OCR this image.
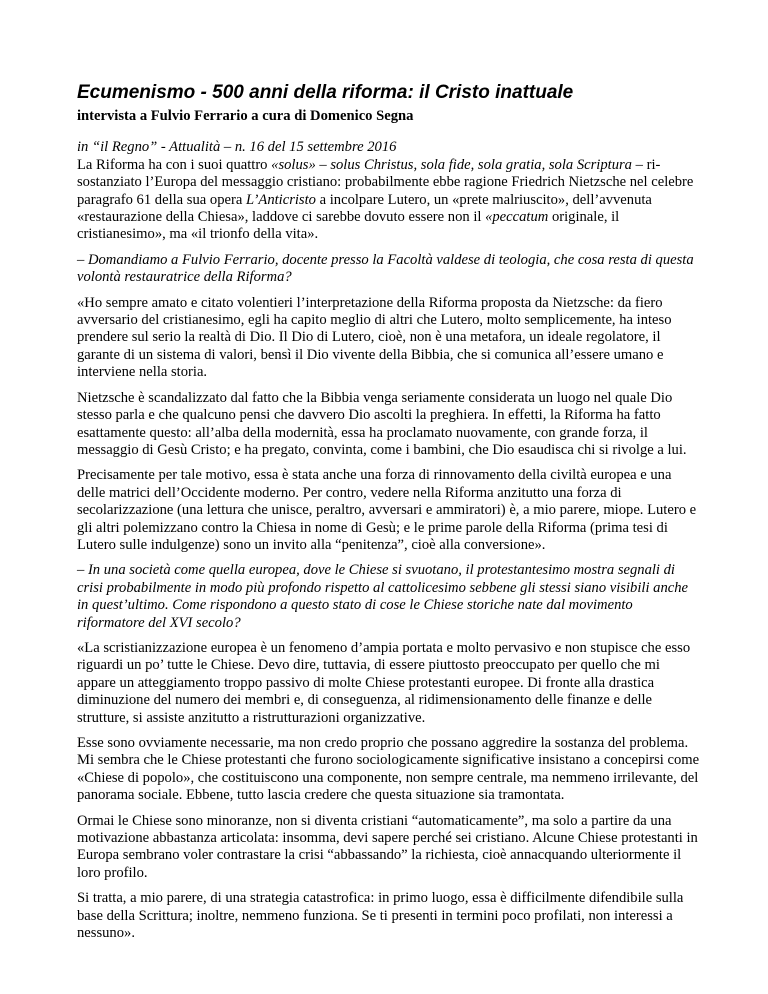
Ecumenismo - 500 anni della riforma: il Cristo inattuale
intervista a Fulvio Ferrario a cura di Domenico Segna
in “il Regno” - Attualità – n. 16 del 15 settembre 2016

La Riforma ha con i suoi quattro «solus» – solus Christus, sola fide, sola gratia, sola Scriptura – ri-sostanziato l’Europa del messaggio cristiano: probabilmente ebbe ragione Friedrich Nietzsche nel celebre paragrafo 61 della sua opera L’Anticristo a incolpare Lutero, un «prete malriuscito», dell’avvenuta «restaurazione della Chiesa», laddove ci sarebbe dovuto essere non il «peccatum originale, il cristianesimo», ma «il trionfo della vita».

– Domandiamo a Fulvio Ferrario, docente presso la Facoltà valdese di teologia, che cosa resta di questa volontà restauratrice della Riforma?

«Ho sempre amato e citato volentieri l’interpretazione della Riforma proposta da Nietzsche: da fiero avversario del cristianesimo, egli ha capito meglio di altri che Lutero, molto semplicemente, ha inteso prendere sul serio la realtà di Dio. Il Dio di Lutero, cioè, non è una metafora, un ideale regolatore, il garante di un sistema di valori, bensì il Dio vivente della Bibbia, che si comunica all’essere umano e interviene nella storia.

Nietzsche è scandalizzato dal fatto che la Bibbia venga seriamente considerata un luogo nel quale Dio stesso parla e che qualcuno pensi che davvero Dio ascolti la preghiera. In effetti, la Riforma ha fatto esattamente questo: all’alba della modernità, essa ha proclamato nuovamente, con grande forza, il messaggio di Gesù Cristo; e ha pregato, convinta, come i bambini, che Dio esaudisca chi si rivolge a lui.

Precisamente per tale motivo, essa è stata anche una forza di rinnovamento della civiltà europea e una delle matrici dell’Occidente moderno. Per contro, vedere nella Riforma anzitutto una forza di secolarizzazione (una lettura che unisce, peraltro, avversari e ammiratori) è, a mio parere, miope. Lutero e gli altri polemizzano contro la Chiesa in nome di Gesù; e le prime parole della Riforma (prima tesi di Lutero sulle indulgenze) sono un invito alla “penitenza”, cioè alla conversione».

– In una società come quella europea, dove le Chiese si svuotano, il protestantesimo mostra segnali di crisi probabilmente in modo più profondo rispetto al cattolicesimo sebbene gli stessi siano visibili anche in quest’ultimo. Come rispondono a questo stato di cose le Chiese storiche nate dal movimento riformatore del XVI secolo?

«La scristianizzazione europea è un fenomeno d’ampia portata e molto pervasivo e non stupisce che esso riguardi un po’ tutte le Chiese. Devo dire, tuttavia, di essere piuttosto preoccupato per quello che mi appare un atteggiamento troppo passivo di molte Chiese protestanti europee. Di fronte alla drastica diminuzione del numero dei membri e, di conseguenza, al ridimensionamento delle finanze e delle strutture, si assiste anzitutto a ristrutturazioni organizzative.

Esse sono ovviamente necessarie, ma non credo proprio che possano aggredire la sostanza del problema. Mi sembra che le Chiese protestanti che furono sociologicamente significative insistano a concepirsi come «Chiese di popolo», che costituiscono una componente, non sempre centrale, ma nemmeno irrilevante, del panorama sociale. Ebbene, tutto lascia credere che questa situazione sia tramontata.

Ormai le Chiese sono minoranze, non si diventa cristiani “automaticamente”, ma solo a partire da una motivazione abbastanza articolata: insomma, devi sapere perché sei cristiano. Alcune Chiese protestanti in Europa sembrano voler contrastare la crisi “abbassando” la richiesta, cioè annacquando ulteriormente il loro profilo.

Si tratta, a mio parere, di una strategia catastrofica: in primo luogo, essa è difficilmente difendibile sulla base della Scrittura; inoltre, nemmeno funziona. Se ti presenti in termini poco profilati, non interessi a nessuno».
